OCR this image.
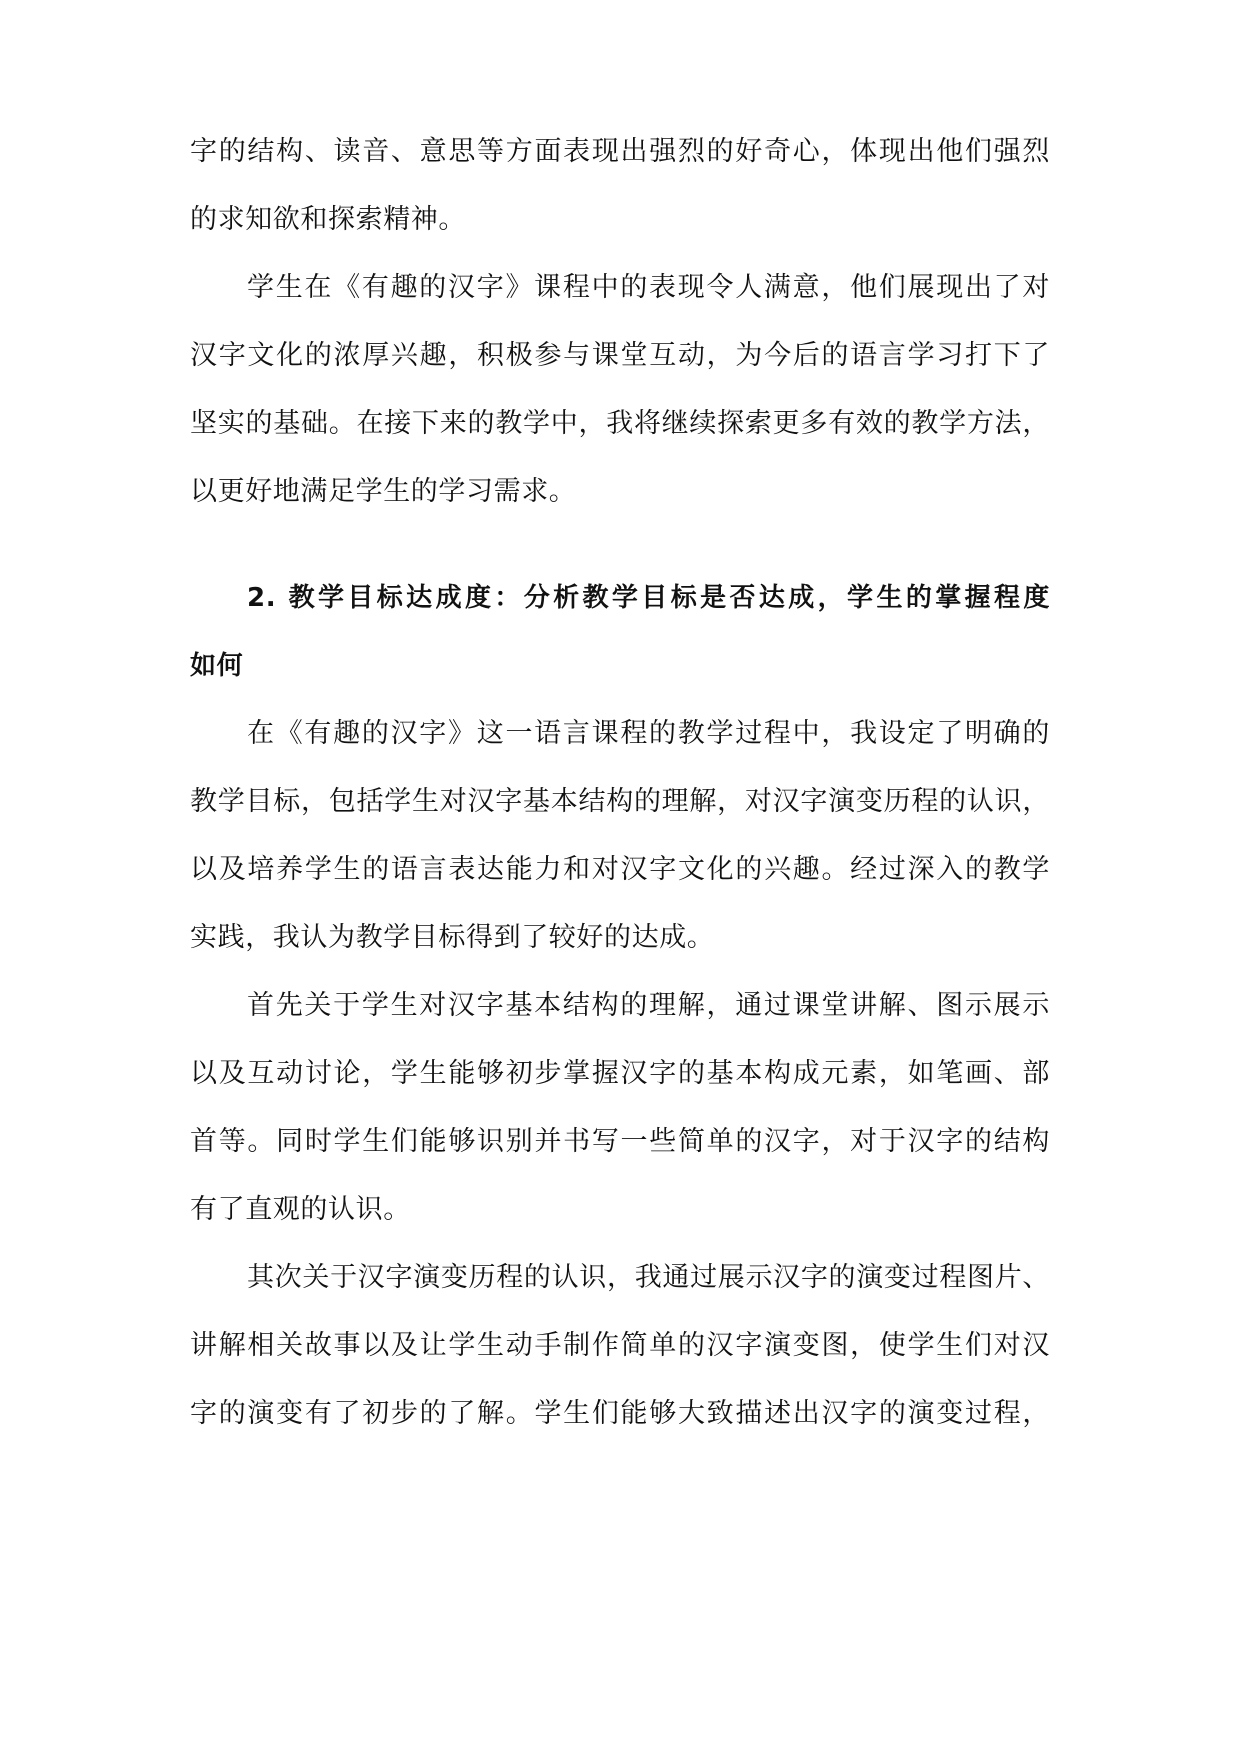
字的结构、读音、意思等方面表现出强烈的好奇心，体现出他们强烈
的求知欲和探索精神。
学生在《有趣的汉字》课程中的表现令人满意，他们展现出了对
汉字文化的浓厚兴趣，积极参与课堂互动，为今后的语言学习打下了
坚实的基础。在接下来的教学中，我将继续探索更多有效的教学方法，
以更好地满足学生的学习需求。
2. 教学目标达成度：分析教学目标是否达成，学生的掌握程度
如何
在《有趣的汉字》这一语言课程的教学过程中，我设定了明确的
教学目标，包括学生对汉字基本结构的理解，对汉字演变历程的认识，
以及培养学生的语言表达能力和对汉字文化的兴趣。经过深入的教学
实践，我认为教学目标得到了较好的达成。
首先关于学生对汉字基本结构的理解，通过课堂讲解、图示展示
以及互动讨论，学生能够初步掌握汉字的基本构成元素，如笔画、部
首等。同时学生们能够识别并书写一些简单的汉字，对于汉字的结构
有了直观的认识。
其次关于汉字演变历程的认识，我通过展示汉字的演变过程图片、
讲解相关故事以及让学生动手制作简单的汉字演变图，使学生们对汉
字的演变有了初步的了解。学生们能够大致描述出汉字的演变过程，
